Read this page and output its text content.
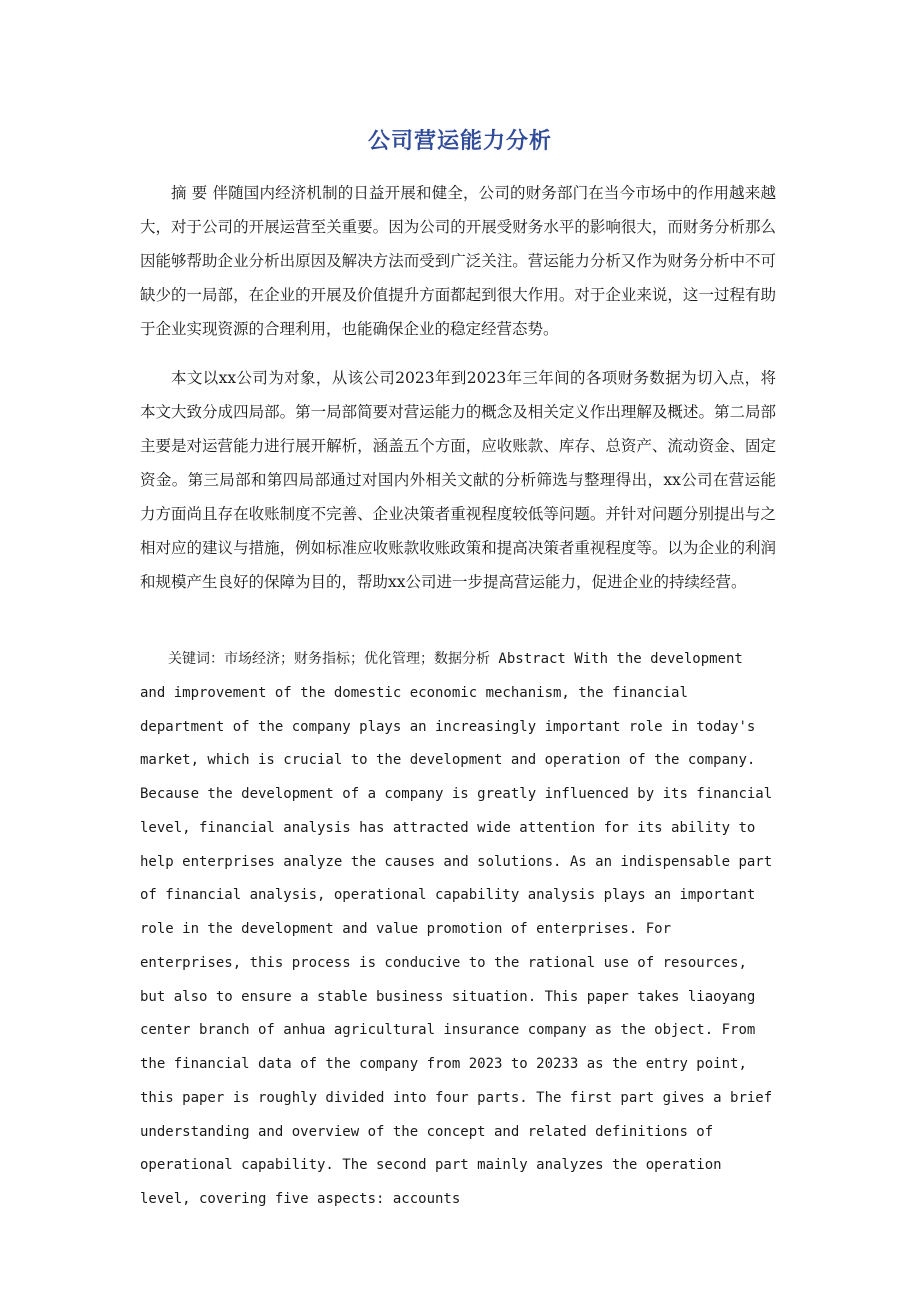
公司营运能力分析

摘 要 伴随国内经济机制的日益开展和健全，公司的财务部门在当今市场中的作用越来越大，对于公司的开展运营至关重要。因为公司的开展受财务水平的影响很大，而财务分析那么因能够帮助企业分析出原因及解决方法而受到广泛关注。营运能力分析又作为财务分析中不可缺少的一局部，在企业的开展及价值提升方面都起到很大作用。对于企业来说，这一过程有助于企业实现资源的合理利用，也能确保企业的稳定经营态势。

本文以xx公司为对象，从该公司2023年到2023年三年间的各项财务数据为切入点，将本文大致分成四局部。第一局部简要对营运能力的概念及相关定义作出理解及概述。第二局部主要是对运营能力进行展开解析，涵盖五个方面，应收账款、库存、总资产、流动资金、固定资金。第三局部和第四局部通过对国内外相关文献的分析筛选与整理得出，xx公司在营运能力方面尚且存在收账制度不完善、企业决策者重视程度较低等问题。并针对问题分别提出与之相对应的建议与措施，例如标准应收账款收账政策和提高决策者重视程度等。以为企业的利润和规模产生良好的保障为目的，帮助xx公司进一步提高营运能力，促进企业的持续经营。

关键词：市场经济；财务指标；优化管理；数据分析 Abstract With the development and improvement of the domestic economic mechanism, the financial department of the company plays an increasingly important role in today's market, which is crucial to the development and operation of the company. Because the development of a company is greatly influenced by its financial level, financial analysis has attracted wide attention for its ability to help enterprises analyze the causes and solutions. As an indispensable part of financial analysis, operational capability analysis plays an important role in the development and value promotion of enterprises. For enterprises, this process is conducive to the rational use of resources, but also to ensure a stable business situation. This paper takes liaoyang center branch of anhua agricultural insurance company as the object. From the financial data of the company from 2023 to 20233 as the entry point, this paper is roughly divided into four parts. The first part gives a brief understanding and overview of the concept and related definitions of operational capability. The second part mainly analyzes the operation level, covering five aspects: accounts
